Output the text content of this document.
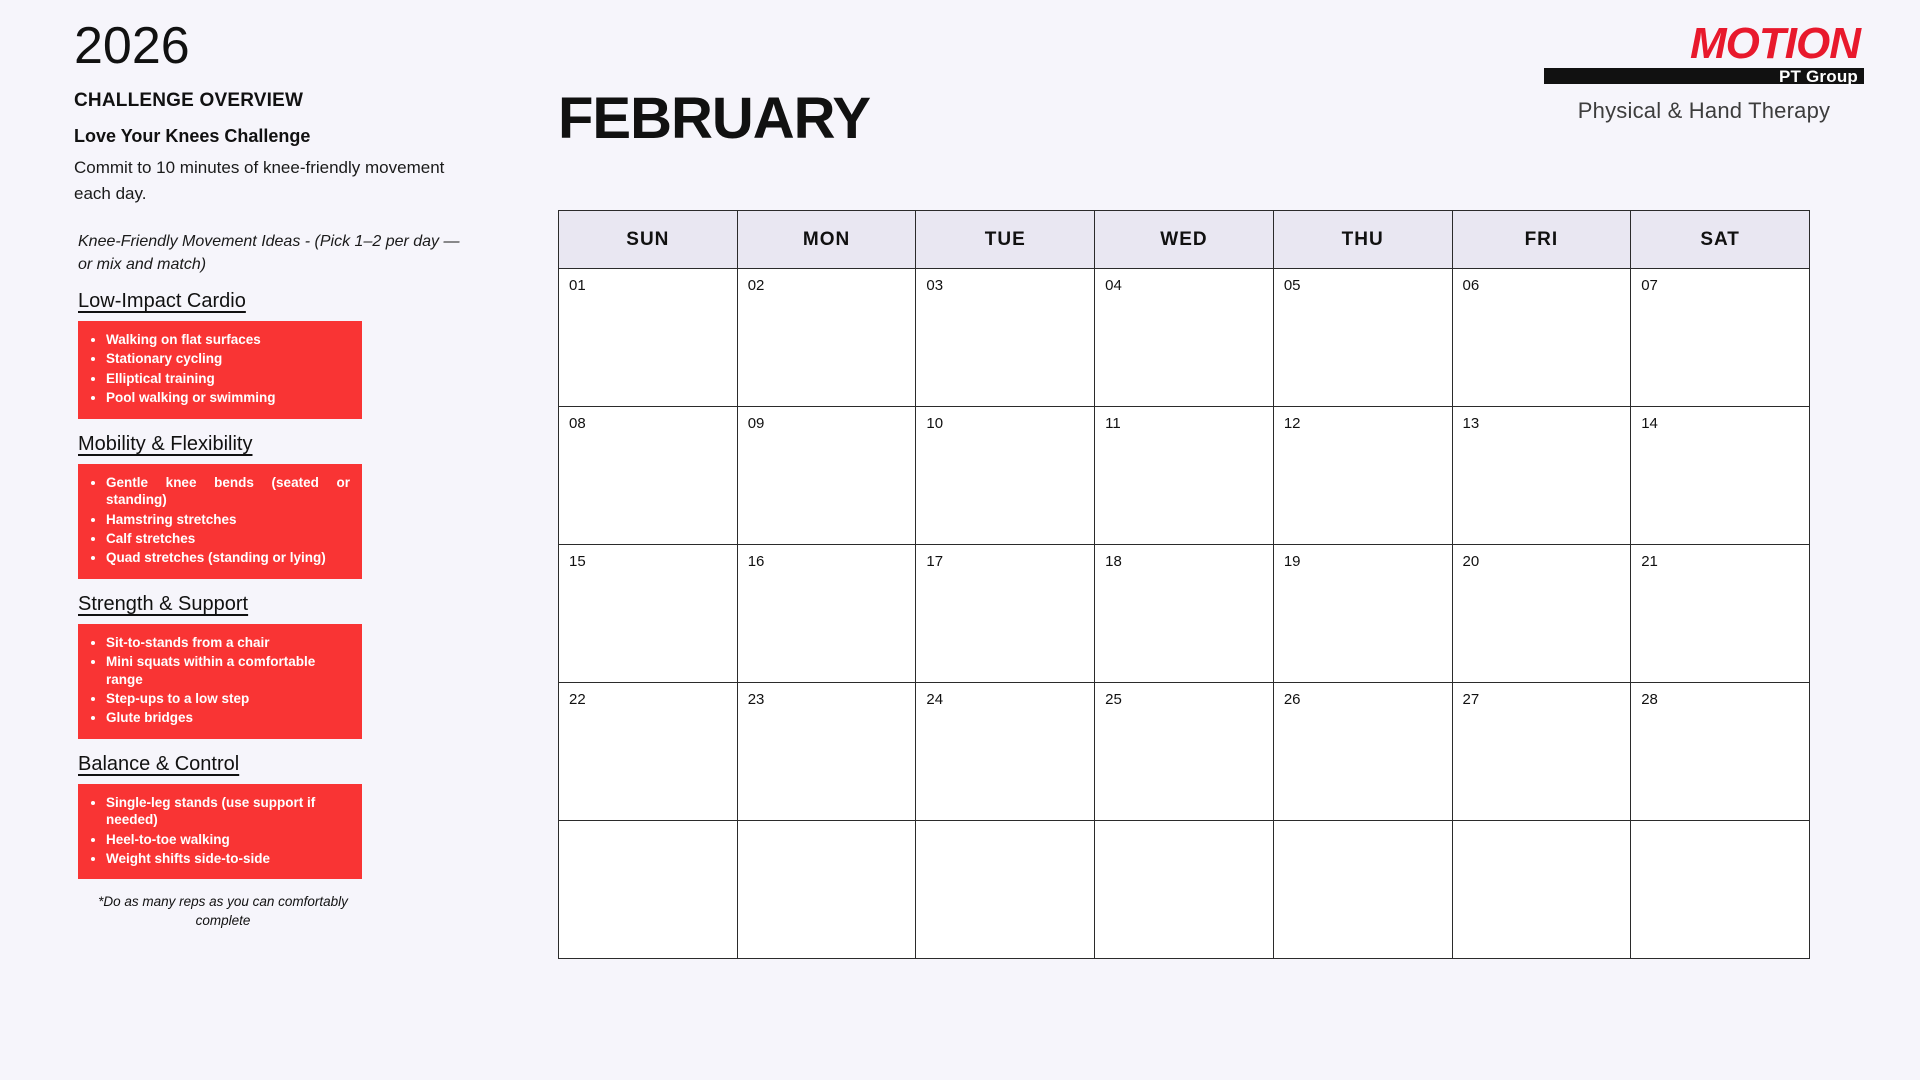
2026
CHALLENGE OVERVIEW
Love Your Knees Challenge
Commit to 10 minutes of knee-friendly movement each day.
Knee-Friendly Movement Ideas - (Pick 1–2 per day — or mix and match)
Low-Impact Cardio
• Walking on flat surfaces
• Stationary cycling
• Elliptical training
• Pool walking or swimming
Mobility & Flexibility
• Gentle knee bends (seated or standing)
• Hamstring stretches
• Calf stretches
• Quad stretches (standing or lying)
Strength & Support
• Sit-to-stands from a chair
• Mini squats within a comfortable range
• Step-ups to a low step
• Glute bridges
Balance & Control
• Single-leg stands (use support if needed)
• Heel-to-toe walking
• Weight shifts side-to-side
*Do as many reps as you can comfortably complete
MOTION
PT Group
Physical & Hand Therapy
FEBRUARY
SUN	MON	TUE	WED	THU	FRI	SAT
01	02	03	04	05	06	07
08	09	10	11	12	13	14
15	16	17	18	19	20	21
22	23	24	25	26	27	28
